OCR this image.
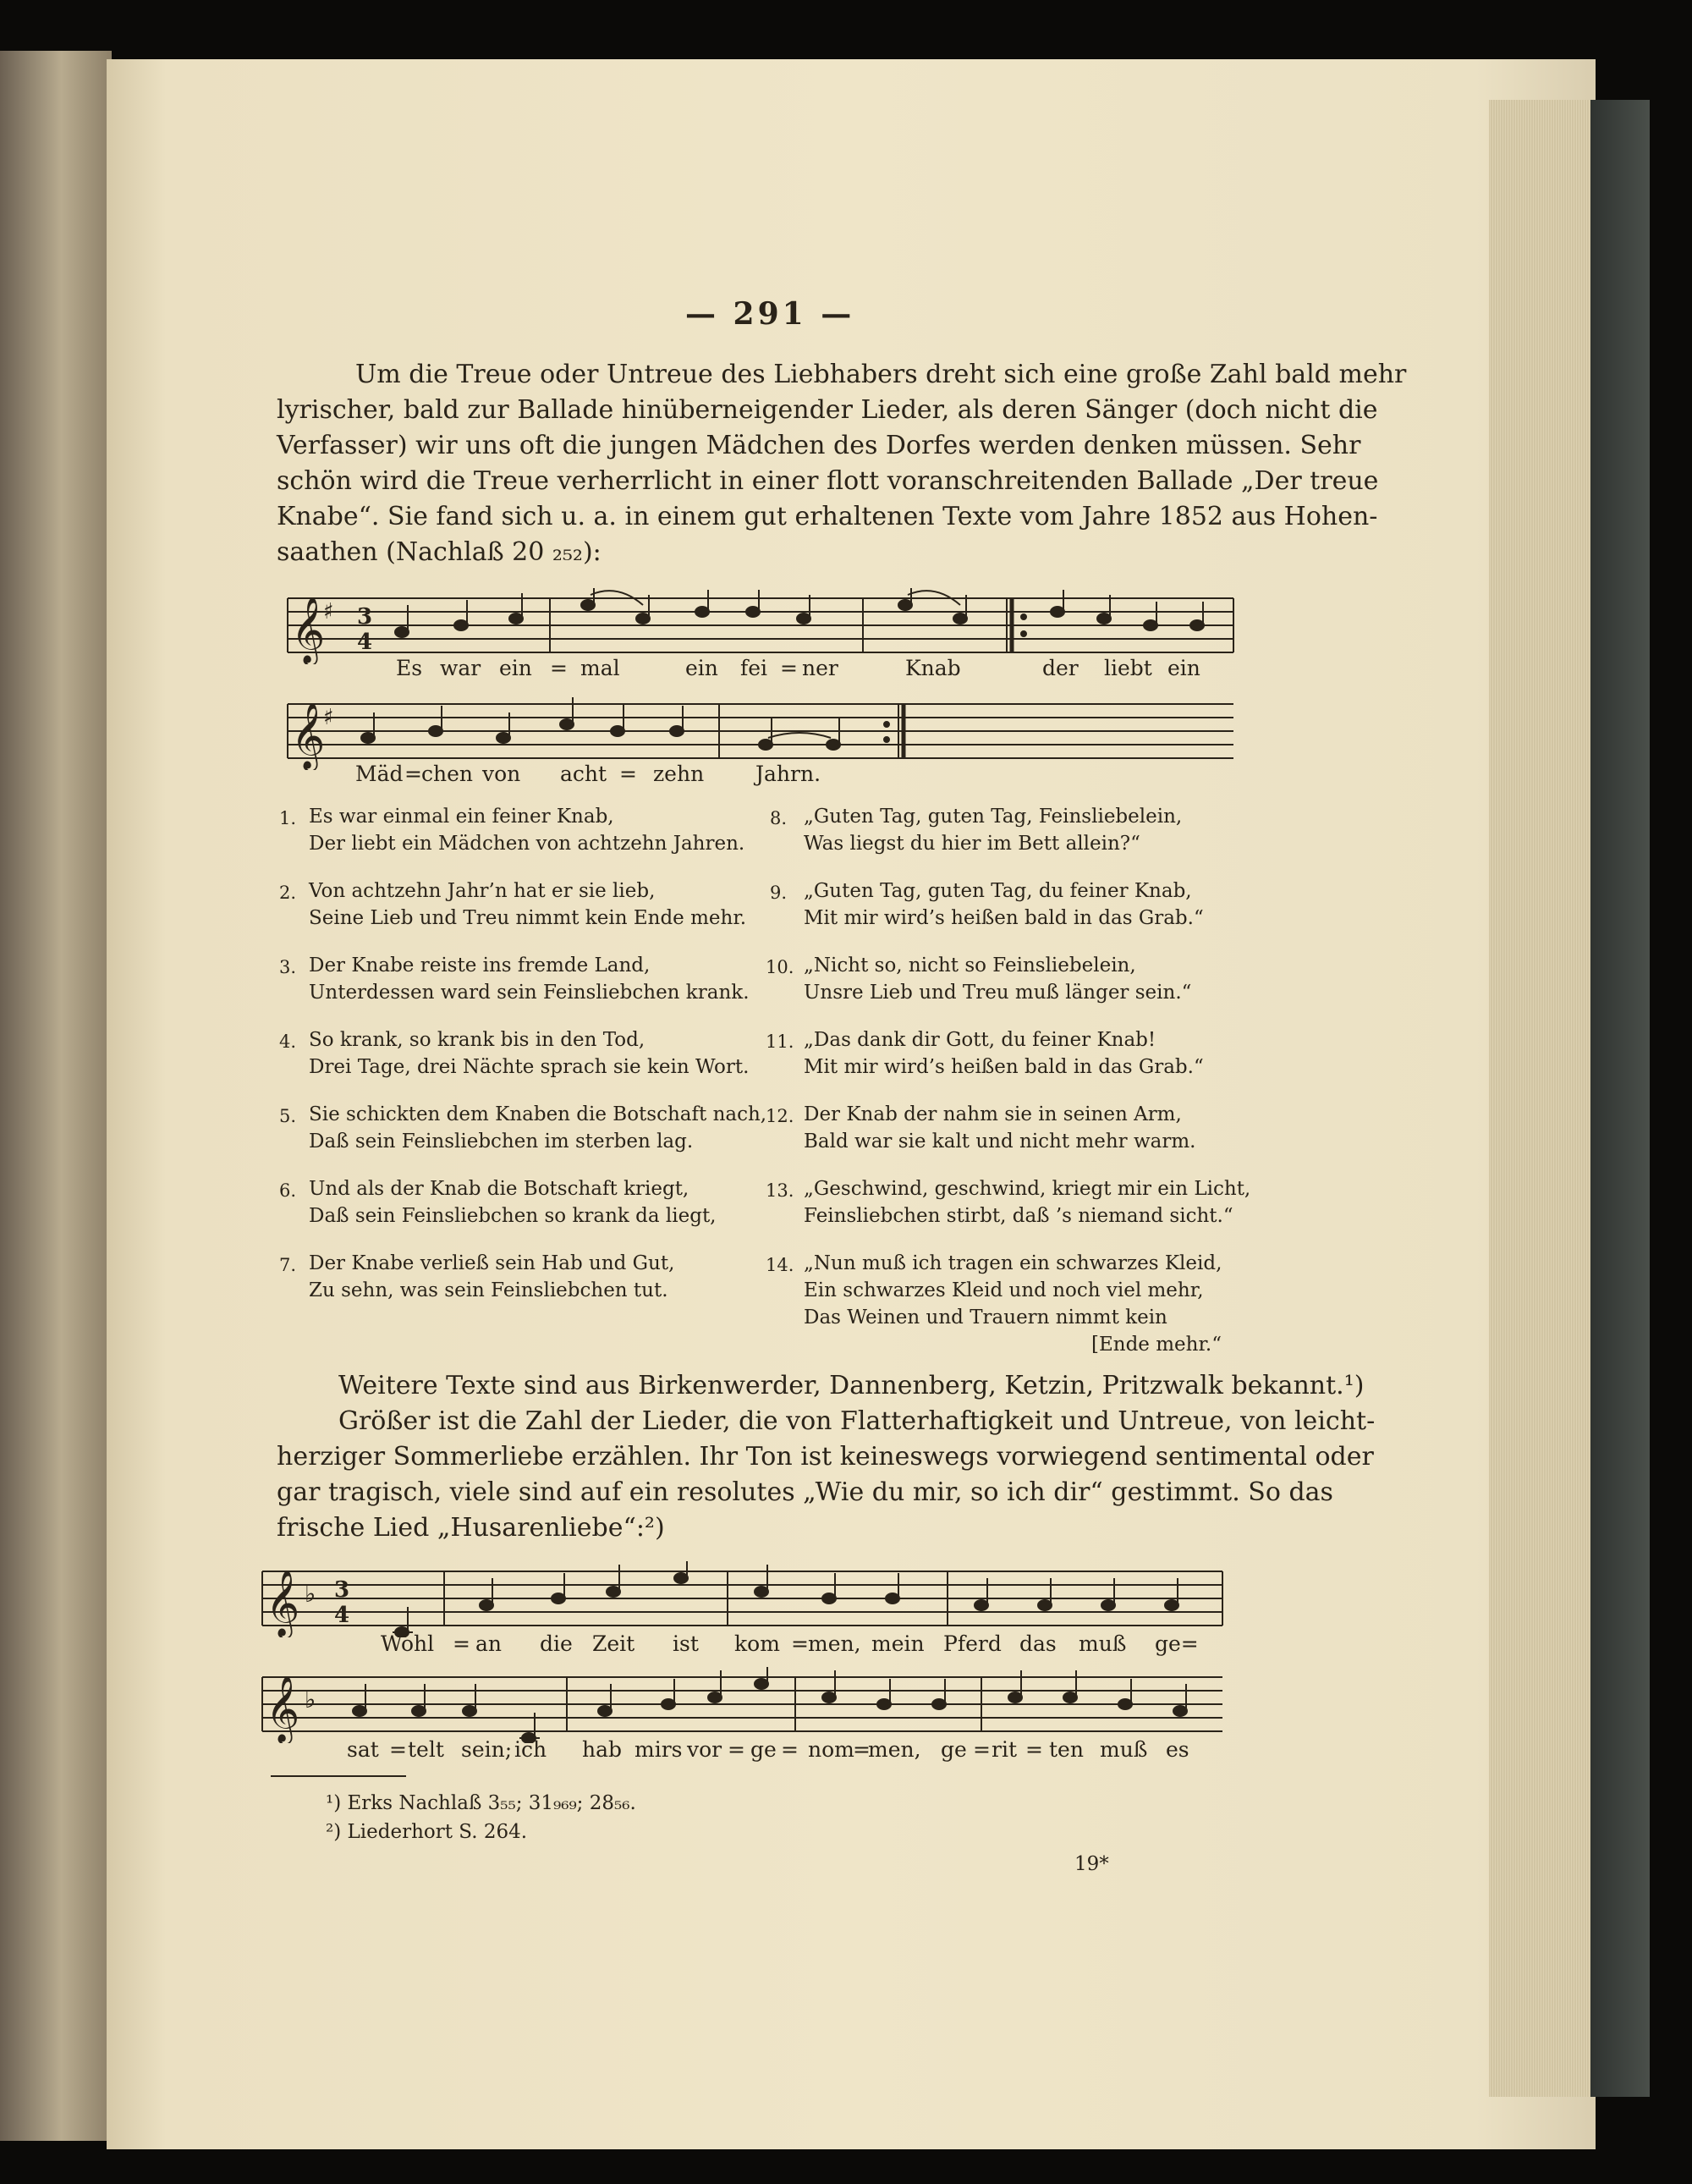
— 291 —
Um die Treue oder Untreue des Liebhabers dreht sich eine große Zahl bald mehr
lyrischer, bald zur Ballade hinüberneigender Lieder, als deren Sänger (doch nicht die
Verfasser) wir uns oft die jungen Mädchen des Dorfes werden denken müssen. Sehr
schön wird die Treue verherrlicht in einer flott voranschreitenden Ballade „Der treue
Knabe“. Sie fand sich u. a. in einem gut erhaltenen Texte vom Jahre 1852 aus Hohen-
saathen (Nachlaß 20 ₂₅₂):
𝄞
♯ 3
4
Es war ein = mal	ein fei = ner	Knab	der liebt ein
𝄞
♯
Mäd = chen von acht = zehn Jahrn.
1. Es war einmal ein feiner Knab,
Der liebt ein Mädchen von achtzehn Jahren.
2. Von achtzehn Jahr’n hat er sie lieb,
Seine Lieb und Treu nimmt kein Ende mehr.
3. Der Knabe reiste ins fremde Land,
Unterdessen ward sein Feinsliebchen krank.
4. So krank, so krank bis in den Tod,
Drei Tage, drei Nächte sprach sie kein Wort.
5. Sie schickten dem Knaben die Botschaft nach,
Daß sein Feinsliebchen im sterben lag.
6. Und als der Knab die Botschaft kriegt,
Daß sein Feinsliebchen so krank da liegt,
7. Der Knabe verließ sein Hab und Gut,
Zu sehn, was sein Feinsliebchen tut.
8. „Guten Tag, guten Tag, Feinsliebelein,
Was liegst du hier im Bett allein?“
9. „Guten Tag, guten Tag, du feiner Knab,
Mit mir wird’s heißen bald in das Grab.“
10. „Nicht so, nicht so Feinsliebelein,
Unsre Lieb und Treu muß länger sein.“
11. „Das dank dir Gott, du feiner Knab!
Mit mir wird’s heißen bald in das Grab.“
12. Der Knab der nahm sie in seinen Arm,
Bald war sie kalt und nicht mehr warm.
13. „Geschwind, geschwind, kriegt mir ein Licht,
Feinsliebchen stirbt, daß ’s niemand sicht.“
14. „Nun muß ich tragen ein schwarzes Kleid,
Ein schwarzes Kleid und noch viel mehr,
Das Weinen und Trauern nimmt kein
[Ende mehr.“
Weitere Texte sind aus Birkenwerder, Dannenberg, Ketzin, Pritzwalk bekannt.¹)
Größer ist die Zahl der Lieder, die von Flatterhaftigkeit und Untreue, von leicht-
herziger Sommerliebe erzählen. Ihr Ton ist keineswegs vorwiegend sentimental oder
gar tragisch, viele sind auf ein resolutes „Wie du mir, so ich dir“ gestimmt. So das
frische Lied „Husarenliebe“:²)
𝄞 ♭ 3
4
Wohl = an die Zeit ist kom = men, mein Pferd das muß ge=
𝄞 ♭
sat = telt sein; ich hab mirs vor = ge = nom
=
men, ge = rit = ten muß es
¹) Erks Nachlaß 3₅₅; 31₉₆₉; 28₅₆.
²) Liederhort S. 264.
19*
